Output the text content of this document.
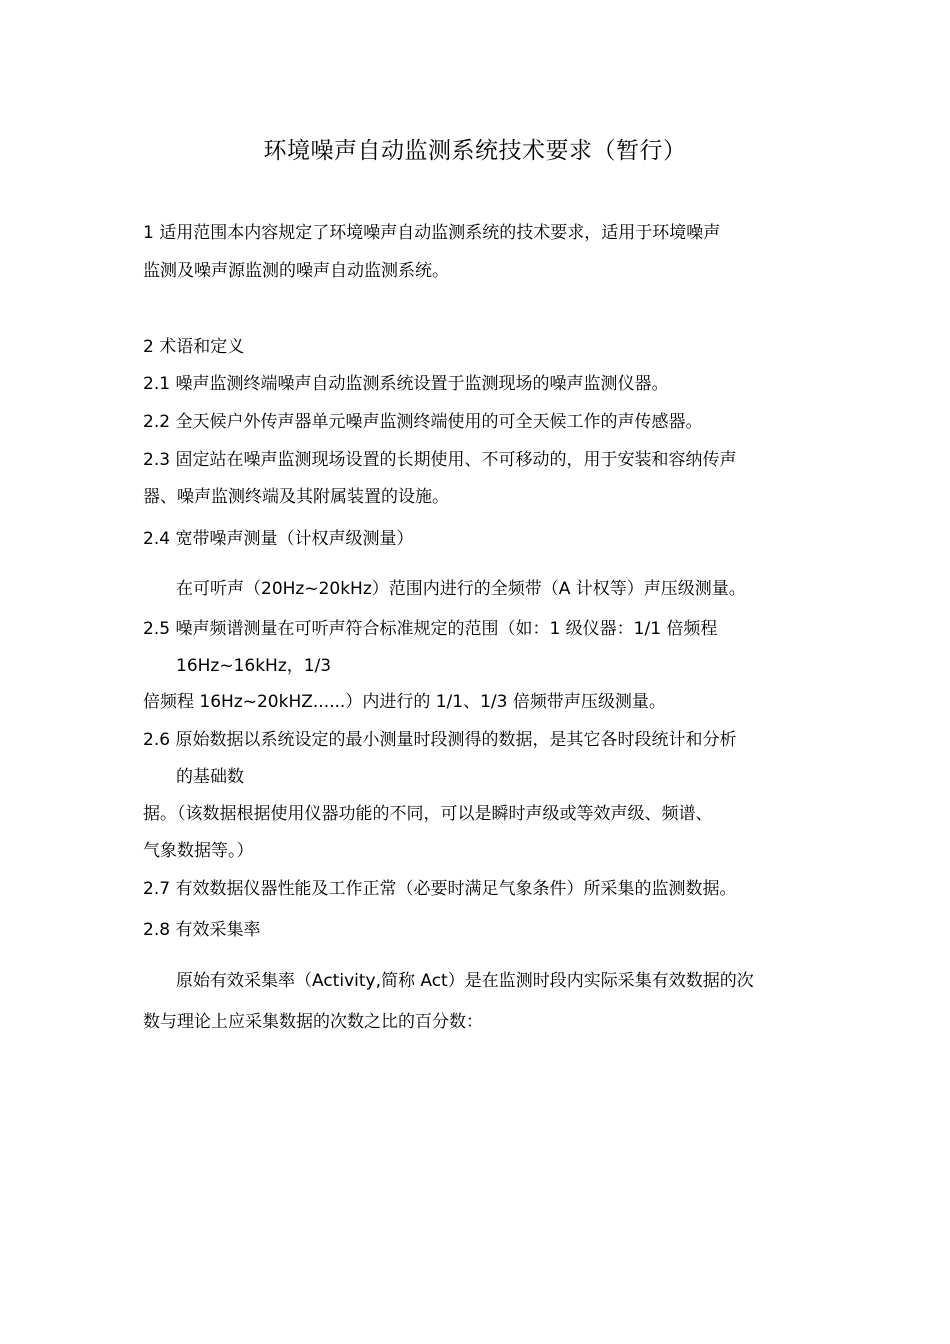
环境噪声自动监测系统技术要求（暂行）
1 适用范围本内容规定了环境噪声自动监测系统的技术要求，适用于环境噪声
监测及噪声源监测的噪声自动监测系统。
2 术语和定义
2.1 噪声监测终端噪声自动监测系统设置于监测现场的噪声监测仪器。
2.2 全天候户外传声器单元噪声监测终端使用的可全天候工作的声传感器。
2.3 固定站在噪声监测现场设置的长期使用、不可移动的，用于安装和容纳传声
器、噪声监测终端及其附属装置的设施。
2.4 宽带噪声测量（计权声级测量）
在可听声（20Hz~20kHz）范围内进行的全频带（A 计权等）声压级测量。
2.5 噪声频谱测量在可听声符合标准规定的范围（如：1 级仪器：1/1 倍频程
16Hz~16kHz，1/3
倍频程 16Hz~20kHZ......）内进行的 1/1、1/3 倍频带声压级测量。
2.6 原始数据以系统设定的最小测量时段测得的数据，是其它各时段统计和分析
的基础数
据。（该数据根据使用仪器功能的不同，可以是瞬时声级或等效声级、频谱、
气象数据等。）
2.7 有效数据仪器性能及工作正常（必要时满足气象条件）所采集的监测数据。
2.8 有效采集率
原始有效采集率（Activity,简称 Act）是在监测时段内实际采集有效数据的次
数与理论上应采集数据的次数之比的百分数：
